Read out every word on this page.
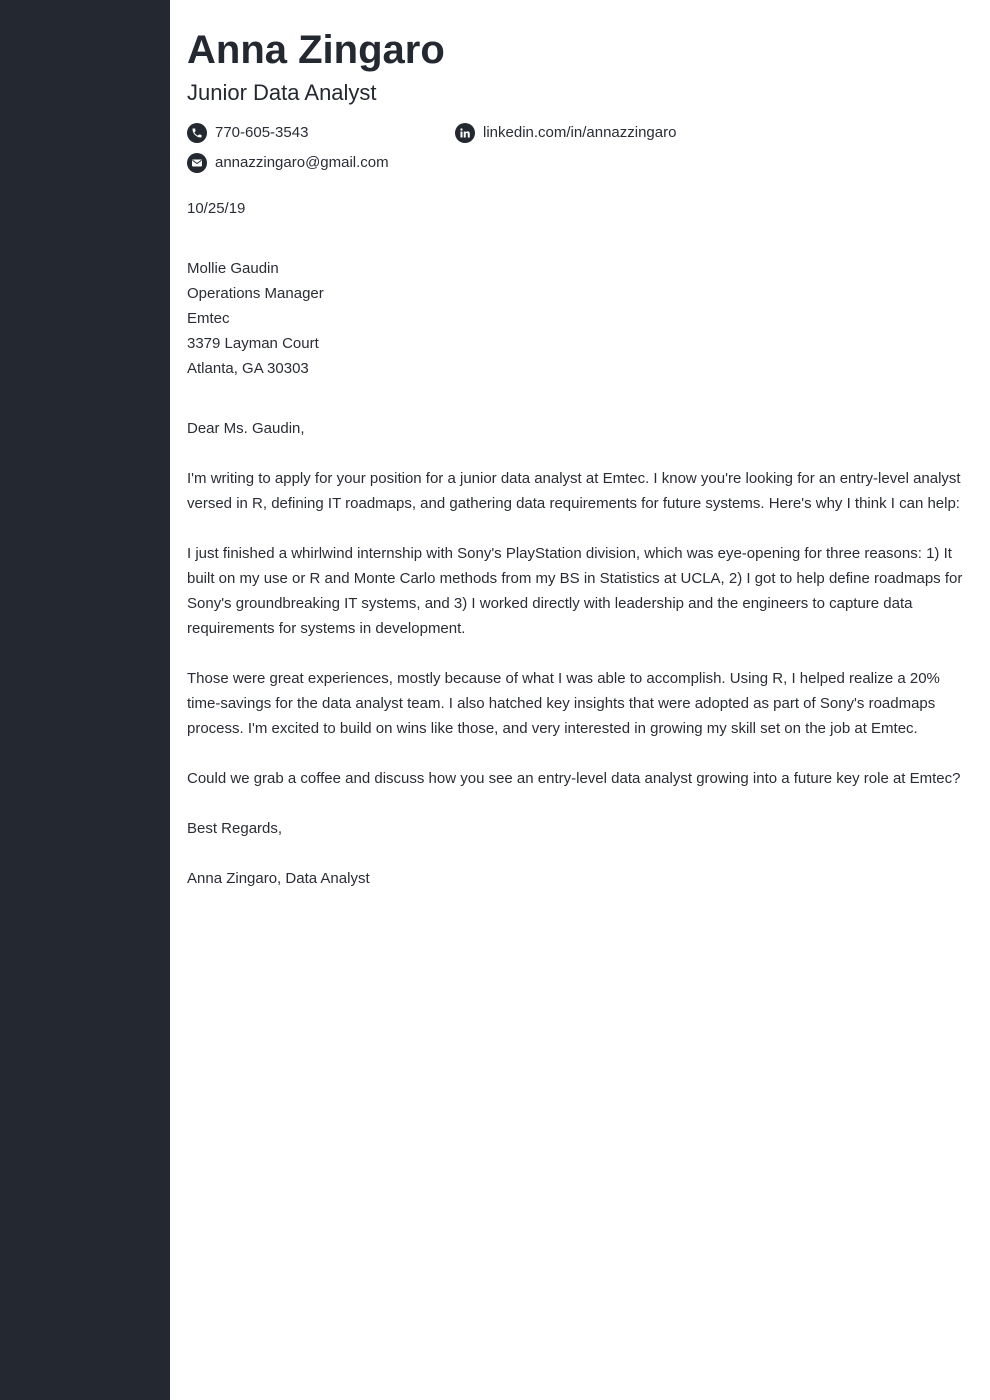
Anna Zingaro
Junior Data Analyst
770-605-3543
annazzingaro@gmail.com
linkedin.com/in/annazzingaro
10/25/19
Mollie Gaudin
Operations Manager
Emtec
3379 Layman Court
Atlanta, GA 30303
Dear Ms. Gaudin,

I'm writing to apply for your position for a junior data analyst at Emtec. I know you're looking for an entry-level analyst versed in R, defining IT roadmaps, and gathering data requirements for future systems. Here's why I think I can help:

I just finished a whirlwind internship with Sony's PlayStation division, which was eye-opening for three reasons: 1) It built on my use or R and Monte Carlo methods from my BS in Statistics at UCLA, 2) I got to help define roadmaps for Sony's groundbreaking IT systems, and 3) I worked directly with leadership and the engineers to capture data requirements for systems in development.

Those were great experiences, mostly because of what I was able to accomplish. Using R, I helped realize a 20% time-savings for the data analyst team. I also hatched key insights that were adopted as part of Sony's roadmaps process. I'm excited to build on wins like those, and very interested in growing my skill set on the job at Emtec.

Could we grab a coffee and discuss how you see an entry-level data analyst growing into a future key role at Emtec?

Best Regards,
Anna Zingaro, Data Analyst
